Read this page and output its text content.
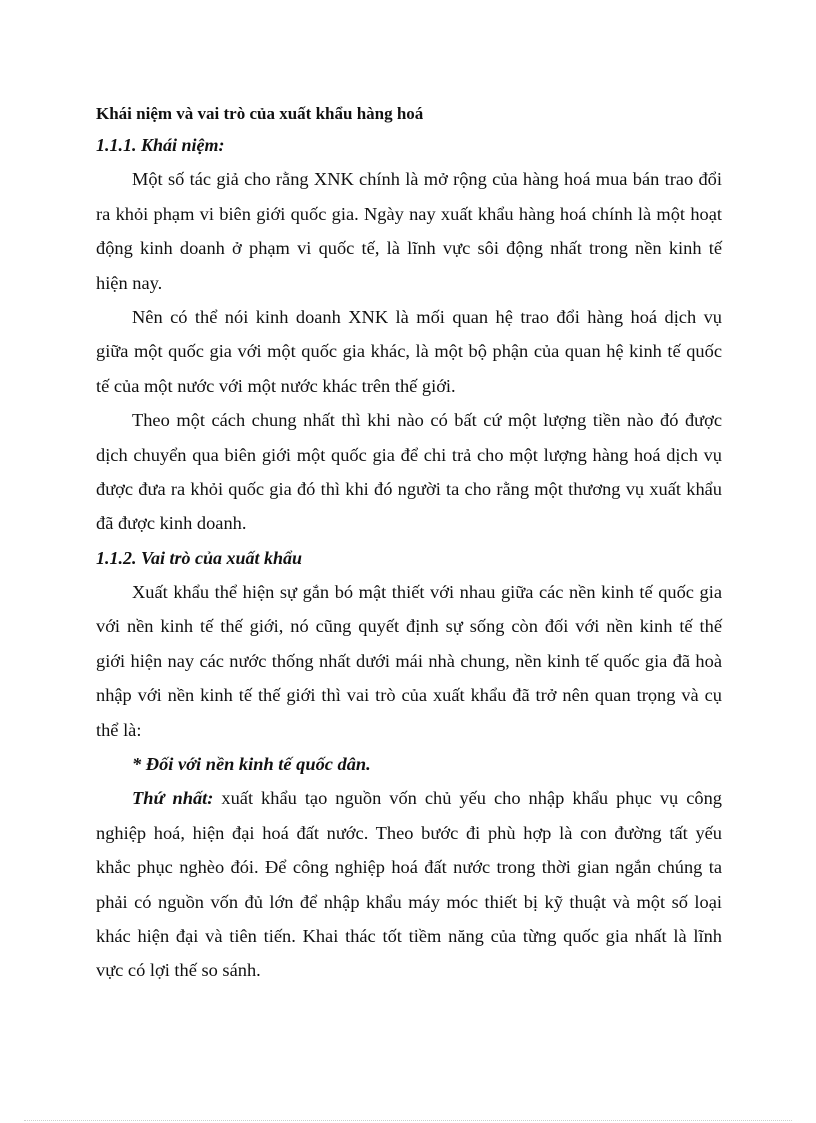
Khái niệm và vai trò của xuất khẩu hàng hoá
1.1.1. Khái niệm:
Một số tác giả cho rằng XNK chính là mở rộng của hàng hoá mua bán trao đổi
ra khỏi phạm vi biên giới quốc gia. Ngày nay xuất khẩu hàng hoá chính là một hoạt
động kinh doanh ở phạm vi quốc tế, là lĩnh vực sôi động nhất trong nền kinh tế
hiện nay.
Nên có thể nói kinh doanh XNK là mối quan hệ trao đổi hàng hoá dịch vụ
giữa một quốc gia với một quốc gia khác, là một bộ phận của quan hệ kinh tế quốc
tế của một nước với một nước khác trên thế giới.
Theo một cách chung nhất thì khi nào có bất cứ một lượng tiền nào đó được
dịch chuyển qua biên giới một quốc gia để chi trả cho một lượng hàng hoá dịch vụ
được đưa ra khỏi quốc gia đó thì khi đó người ta cho rằng một thương vụ xuất khẩu
đã được kinh doanh.
1.1.2. Vai trò của xuất khẩu
Xuất khẩu thể hiện sự gắn bó mật thiết với nhau giữa các nền kinh tế quốc gia
với nền kinh tế thế giới, nó cũng quyết định sự sống còn đối với nền kinh tế thế
giới hiện nay các nước thống nhất dưới mái nhà chung, nền kinh tế quốc gia đã hoà
nhập với nền kinh tế thế giới thì vai trò của xuất khẩu đã trở nên quan trọng và cụ
thể là:
* Đối với nền kinh tế quốc dân.
Thứ nhất: xuất khẩu tạo nguồn vốn chủ yếu cho nhập khẩu phục vụ công
nghiệp hoá, hiện đại hoá đất nước. Theo bước đi phù hợp là con đường tất yếu
khắc phục nghèo đói. Để công nghiệp hoá đất nước trong thời gian ngắn chúng ta
phải có nguồn vốn đủ lớn để nhập khẩu máy móc thiết bị kỹ thuật và một số loại
khác hiện đại và tiên tiến. Khai thác tốt tiềm năng của từng quốc gia nhất là lĩnh
vực có lợi thế so sánh.
